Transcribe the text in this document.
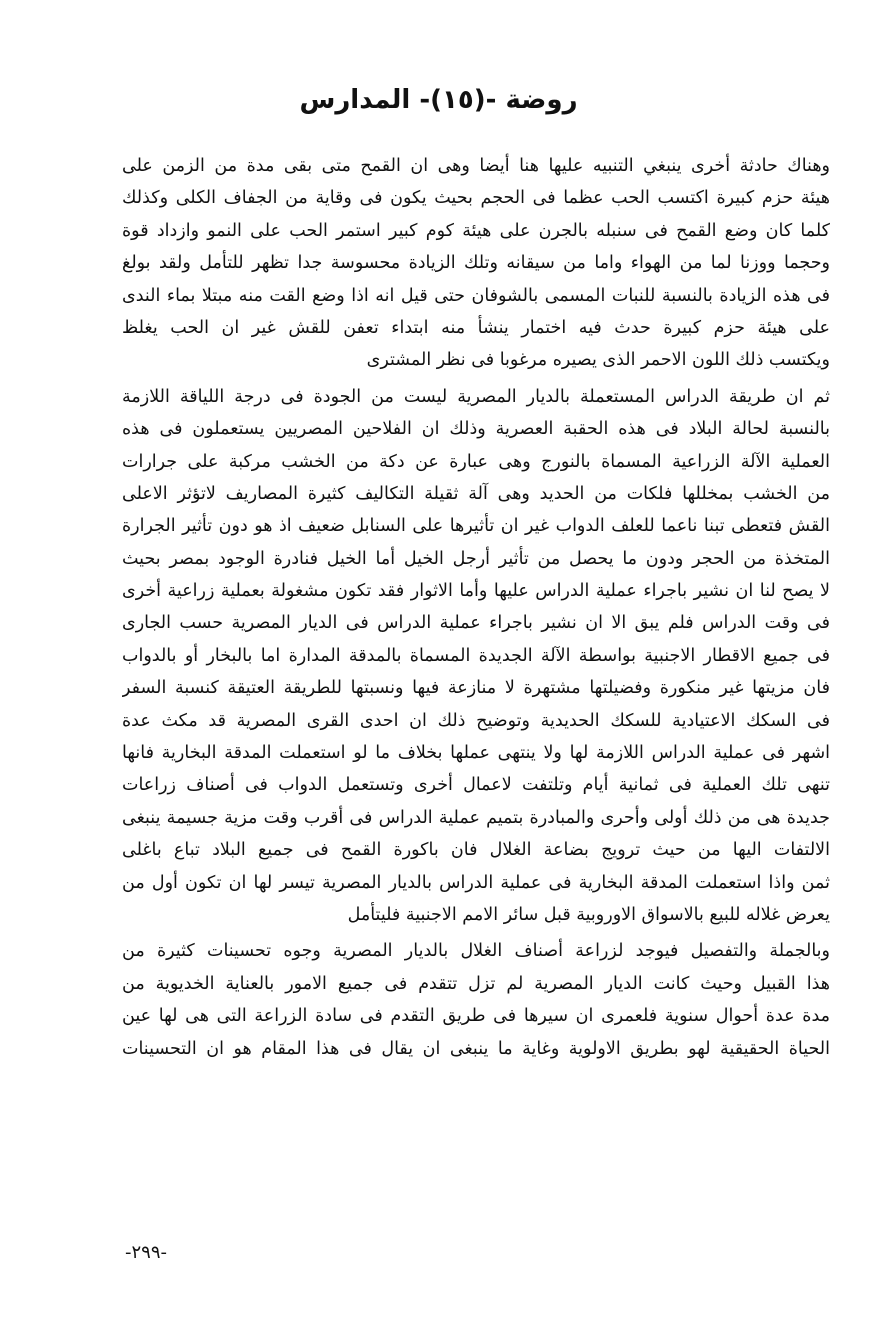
روضة -(١٥)- المدارس
وهناك حادثة أخرى ينبغي التنبيه عليها هنا أيضا وهى ان القمح متى بقى مدة من الزمن على
هيئة حزم كبيرة اكتسب الحب عظما فى الحجم بحيث يكون فى وقاية من الجفاف الكلى وكذلك
كلما كان وضع القمح فى سنبله بالجرن على هيئة كوم كبير استمر الحب على النمو وازداد قوة
وحجما ووزنا لما من الهواء واما من سيقانه وتلك الزيادة محسوسة جدا تظهر للتأمل ولقد بولغ
فى هذه الزيادة بالنسبة للنبات المسمى بالشوفان حتى قيل انه اذا وضع القت منه مبتلا بماء الندى
على هيئة حزم كبيرة حدث فيه اختمار ينشأ منه ابتداء تعفن للقش غير ان الحب يغلظ
ويكتسب ذلك اللون الاحمر الذى يصيره مرغوبا فى نظر المشترى
ثم ان طريقة الدراس المستعملة بالديار المصرية ليست من الجودة فى درجة اللياقة اللازمة
بالنسبة لحالة البلاد فى هذه الحقبة العصرية وذلك ان الفلاحين المصريين يستعملون فى هذه
العملية الآلة الزراعية المسماة بالنورج وهى عبارة عن دكة من الخشب مركبة على جرارات
من الخشب بمخللها فلكات من الحديد وهى آلة ثقيلة التكاليف كثيرة المصاريف لاتؤثر الاعلى
القش فتعطى تبنا ناعما للعلف الدواب غير ان تأثيرها على السنابل ضعيف اذ هو دون تأثير الجرارة
المتخذة من الحجر ودون ما يحصل من تأثير أرجل الخيل أما الخيل فنادرة الوجود بمصر بحيث
لا يصح لنا ان نشير باجراء عملية الدراس عليها وأما الاثوار فقد تكون مشغولة بعملية زراعية أخرى
فى وقت الدراس فلم يبق الا ان نشير باجراء عملية الدراس فى الديار المصرية حسب الجارى
فى جميع الاقطار الاجنبية بواسطة الآلة الجديدة المسماة بالمدقة المدارة اما بالبخار أو بالدواب
فان مزيتها غير منكورة وفضيلتها مشتهرة لا منازعة فيها ونسبتها للطريقة العتيقة كنسبة السفر
فى السكك الاعتيادية للسكك الحديدية وتوضيح ذلك ان احدى القرى المصرية قد مكث عدة
اشهر فى عملية الدراس اللازمة لها ولا ينتهى عملها بخلاف ما لو استعملت المدقة البخارية فانها
تنهى تلك العملية فى ثمانية أيام وتلتفت لاعمال أخرى وتستعمل الدواب فى أصناف زراعات
جديدة هى من ذلك أولى وأحرى والمبادرة بتميم عملية الدراس فى أقرب وقت مزية جسيمة ينبغى
الالتفات اليها من حيث ترويج بضاعة الغلال فان باكورة القمح فى جميع البلاد تباع باغلى
ثمن واذا استعملت المدقة البخارية فى عملية الدراس بالديار المصرية تيسر لها ان تكون أول من
يعرض غلاله للبيع بالاسواق الاوروبية قبل سائر الامم الاجنبية فليتأمل
وبالجملة والتفصيل فيوجد لزراعة أصناف الغلال بالديار المصرية وجوه تحسينات كثيرة من
هذا القبيل وحيث كانت الديار المصرية لم تزل تتقدم فى جميع الامور بالعناية الخديوية من
مدة عدة أحوال سنوية فلعمرى ان سيرها فى طريق التقدم فى سادة الزراعة التى هى لها عين
الحياة الحقيقية لهو بطريق الاولوية وغاية ما ينبغى ان يقال فى هذا المقام هو ان التحسينات
-٢٩٩-
